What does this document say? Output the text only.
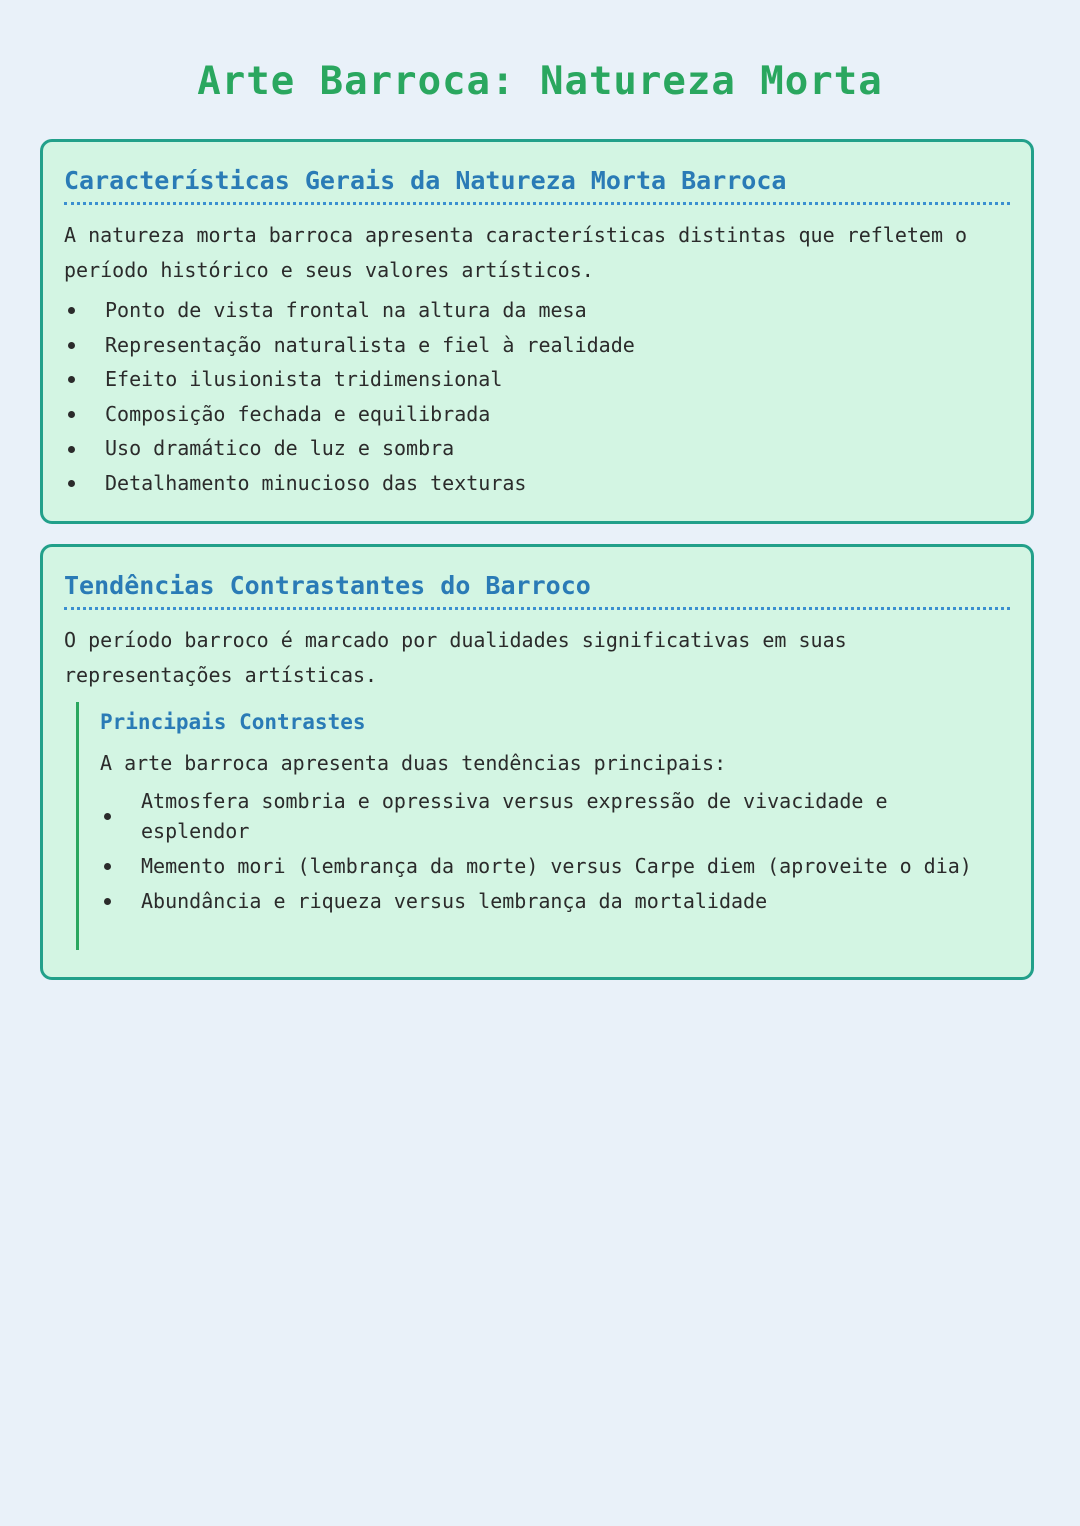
Arte Barroca: Natureza Morta
Características Gerais da Natureza Morta Barroca

A natureza morta barroca apresenta características distintas que refletem o período histórico e seus valores artísticos.

Ponto de vista frontal na altura da mesa
Representação naturalista e fiel à realidade
Efeito ilusionista tridimensional
Composição fechada e equilibrada
Uso dramático de luz e sombra
Detalhamento minucioso das texturas
Tendências Contrastantes do Barroco

O período barroco é marcado por dualidades significativas em suas representações artísticas.

Principais Contrastes

A arte barroca apresenta duas tendências principais:

Atmosfera sombria e opressiva versus expressão de vivacidade e esplendor
Memento mori (lembrança da morte) versus Carpe diem (aproveite o dia)
Abundância e riqueza versus lembrança da mortalidade
